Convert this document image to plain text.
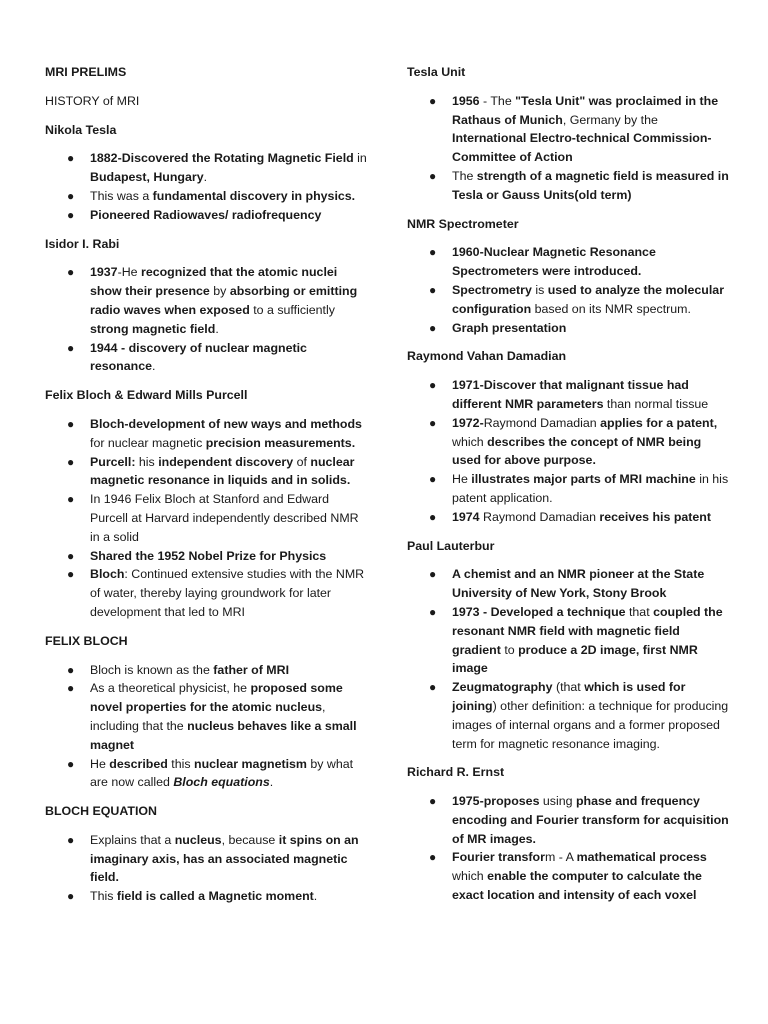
MRI PRELIMS
HISTORY of MRI
Nikola Tesla
● 1882-Discovered the Rotating Magnetic Field in Budapest, Hungary.
● This was a fundamental discovery in physics.
● Pioneered Radiowaves/ radiofrequency
Isidor I. Rabi
● 1937-He recognized that the atomic nuclei show their presence by absorbing or emitting radio waves when exposed to a sufficiently strong magnetic field.
● 1944 - discovery of nuclear magnetic resonance.
Felix Bloch & Edward Mills Purcell
● Bloch-development of new ways and methods for nuclear magnetic precision measurements.
● Purcell: his independent discovery of nuclear magnetic resonance in liquids and in solids.
● In 1946 Felix Bloch at Stanford and Edward Purcell at Harvard independently described NMR in a solid
● Shared the 1952 Nobel Prize for Physics
● Bloch: Continued extensive studies with the NMR of water, thereby laying groundwork for later development that led to MRI
FELIX BLOCH
● Bloch is known as the father of MRI
● As a theoretical physicist, he proposed some novel properties for the atomic nucleus, including that the nucleus behaves like a small magnet
● He described this nuclear magnetism by what are now called Bloch equations.
BLOCH EQUATION
● Explains that a nucleus, because it spins on an imaginary axis, has an associated magnetic field.
● This field is called a Magnetic moment.
Tesla Unit
● 1956 - The "Tesla Unit" was proclaimed in the Rathaus of Munich, Germany by the International Electro-technical Commission-Committee of Action
● The strength of a magnetic field is measured in Tesla or Gauss Units(old term)
NMR Spectrometer
● 1960-Nuclear Magnetic Resonance Spectrometers were introduced.
● Spectrometry is used to analyze the molecular configuration based on its NMR spectrum.
● Graph presentation
Raymond Vahan Damadian
● 1971-Discover that malignant tissue had different NMR parameters than normal tissue
● 1972-Raymond Damadian applies for a patent, which describes the concept of NMR being used for above purpose.
● He illustrates major parts of MRI machine in his patent application.
● 1974 Raymond Damadian receives his patent
Paul Lauterbur
● A chemist and an NMR pioneer at the State University of New York, Stony Brook
● 1973 - Developed a technique that coupled the resonant NMR field with magnetic field gradient to produce a 2D image, first NMR image
● Zeugmatography (that which is used for joining) other definition: a technique for producing images of internal organs and a former proposed term for magnetic resonance imaging.
Richard R. Ernst
● 1975-proposes using phase and frequency encoding and Fourier transform for acquisition of MR images.
● Fourier transform - A mathematical process which enable the computer to calculate the exact location and intensity of each voxel
